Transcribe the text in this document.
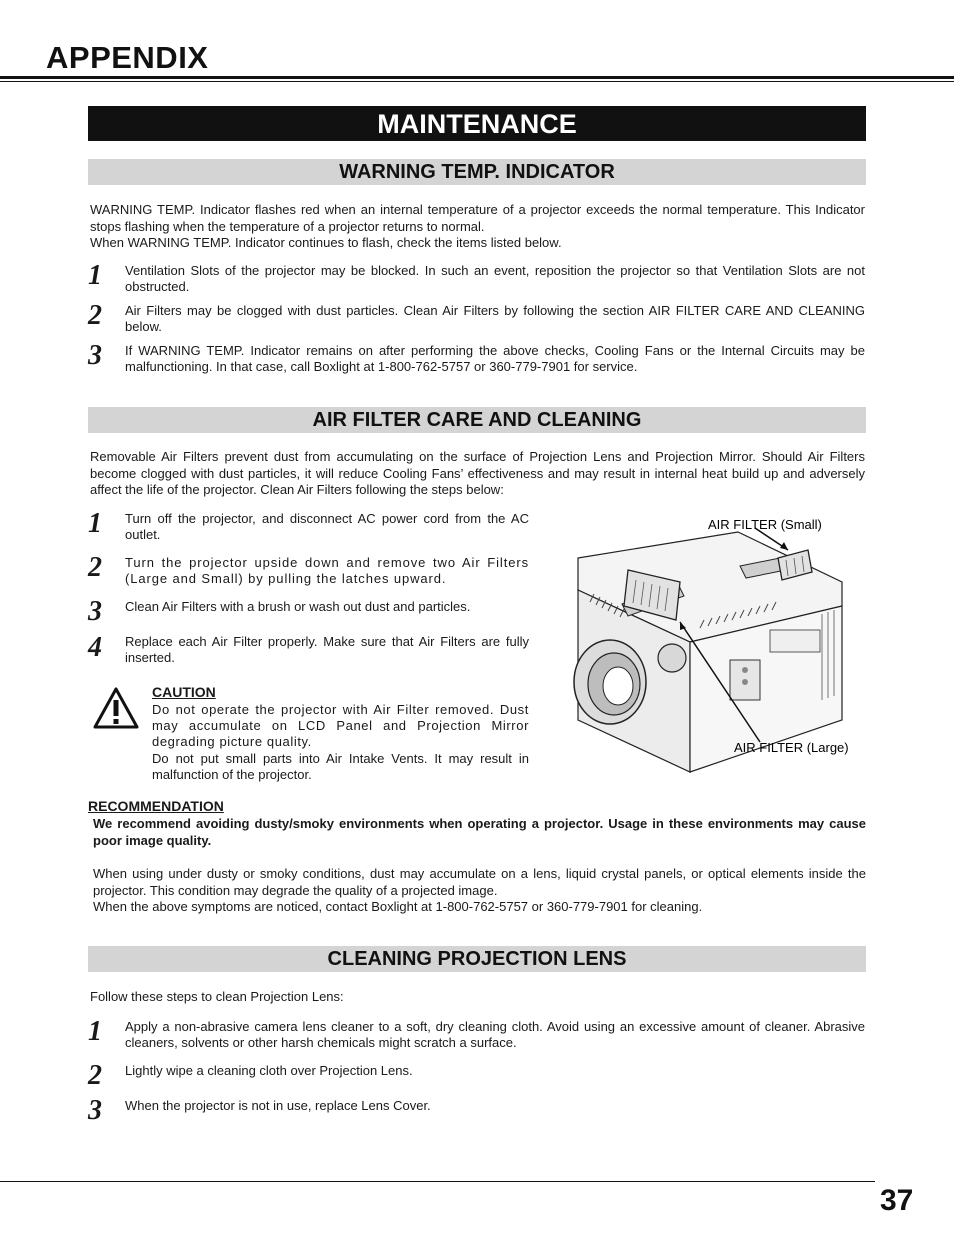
APPENDIX
MAINTENANCE
WARNING TEMP. INDICATOR

WARNING TEMP. Indicator flashes red when an internal temperature of a projector exceeds the normal temperature. This Indicator stops flashing when the temperature of a projector returns to normal.

When WARNING TEMP. Indicator continues to flash, check the items listed below.

1 Ventilation Slots of the projector may be blocked. In such an event, reposition the projector so that Ventilation Slots are not obstructed.

2 Air Filters may be clogged with dust particles. Clean Air Filters by following the section AIR FILTER CARE AND CLEANING below.

3 If WARNING TEMP. Indicator remains on after performing the above checks, Cooling Fans or the Internal Circuits may be malfunctioning. In that case, call Boxlight at 1-800-762-5757 or 360-779-7901 for service.

AIR FILTER CARE AND CLEANING

Removable Air Filters prevent dust from accumulating on the surface of Projection Lens and Projection Mirror. Should Air Filters become clogged with dust particles, it will reduce Cooling Fans’ effectiveness and may result in internal heat build up and adversely affect the life of the projector. Clean Air Filters following the steps below:

1 Turn off the projector, and disconnect AC power cord from the AC outlet.

2 Turn the projector upside down and remove two Air Filters (Large and Small) by pulling the latches upward.

3 Clean Air Filters with a brush or wash out dust and particles.

4 Replace each Air Filter properly. Make sure that Air Filters are fully inserted.

CAUTION

Do not operate the projector with Air Filter removed. Dust may accumulate on LCD Panel and Projection Mirror degrading picture quality.

Do not put small parts into Air Intake Vents. It may result in malfunction of the projector.

AIR FILTER (Small)
AIR FILTER (Large)
RECOMMENDATION

We recommend avoiding dusty/smoky environments when operating a projector. Usage in these environments may cause poor image quality.

When using under dusty or smoky conditions, dust may accumulate on a lens, liquid crystal panels, or optical elements inside the projector. This condition may degrade the quality of a projected image.

When the above symptoms are noticed, contact Boxlight at 1-800-762-5757 or 360-779-7901 for cleaning.

CLEANING PROJECTION LENS

Follow these steps to clean Projection Lens:

1 Apply a non-abrasive camera lens cleaner to a soft, dry cleaning cloth. Avoid using an excessive amount of cleaner. Abrasive cleaners, solvents or other harsh chemicals might scratch a surface.

2 Lightly wipe a cleaning cloth over Projection Lens.

3 When the projector is not in use, replace Lens Cover.

37
